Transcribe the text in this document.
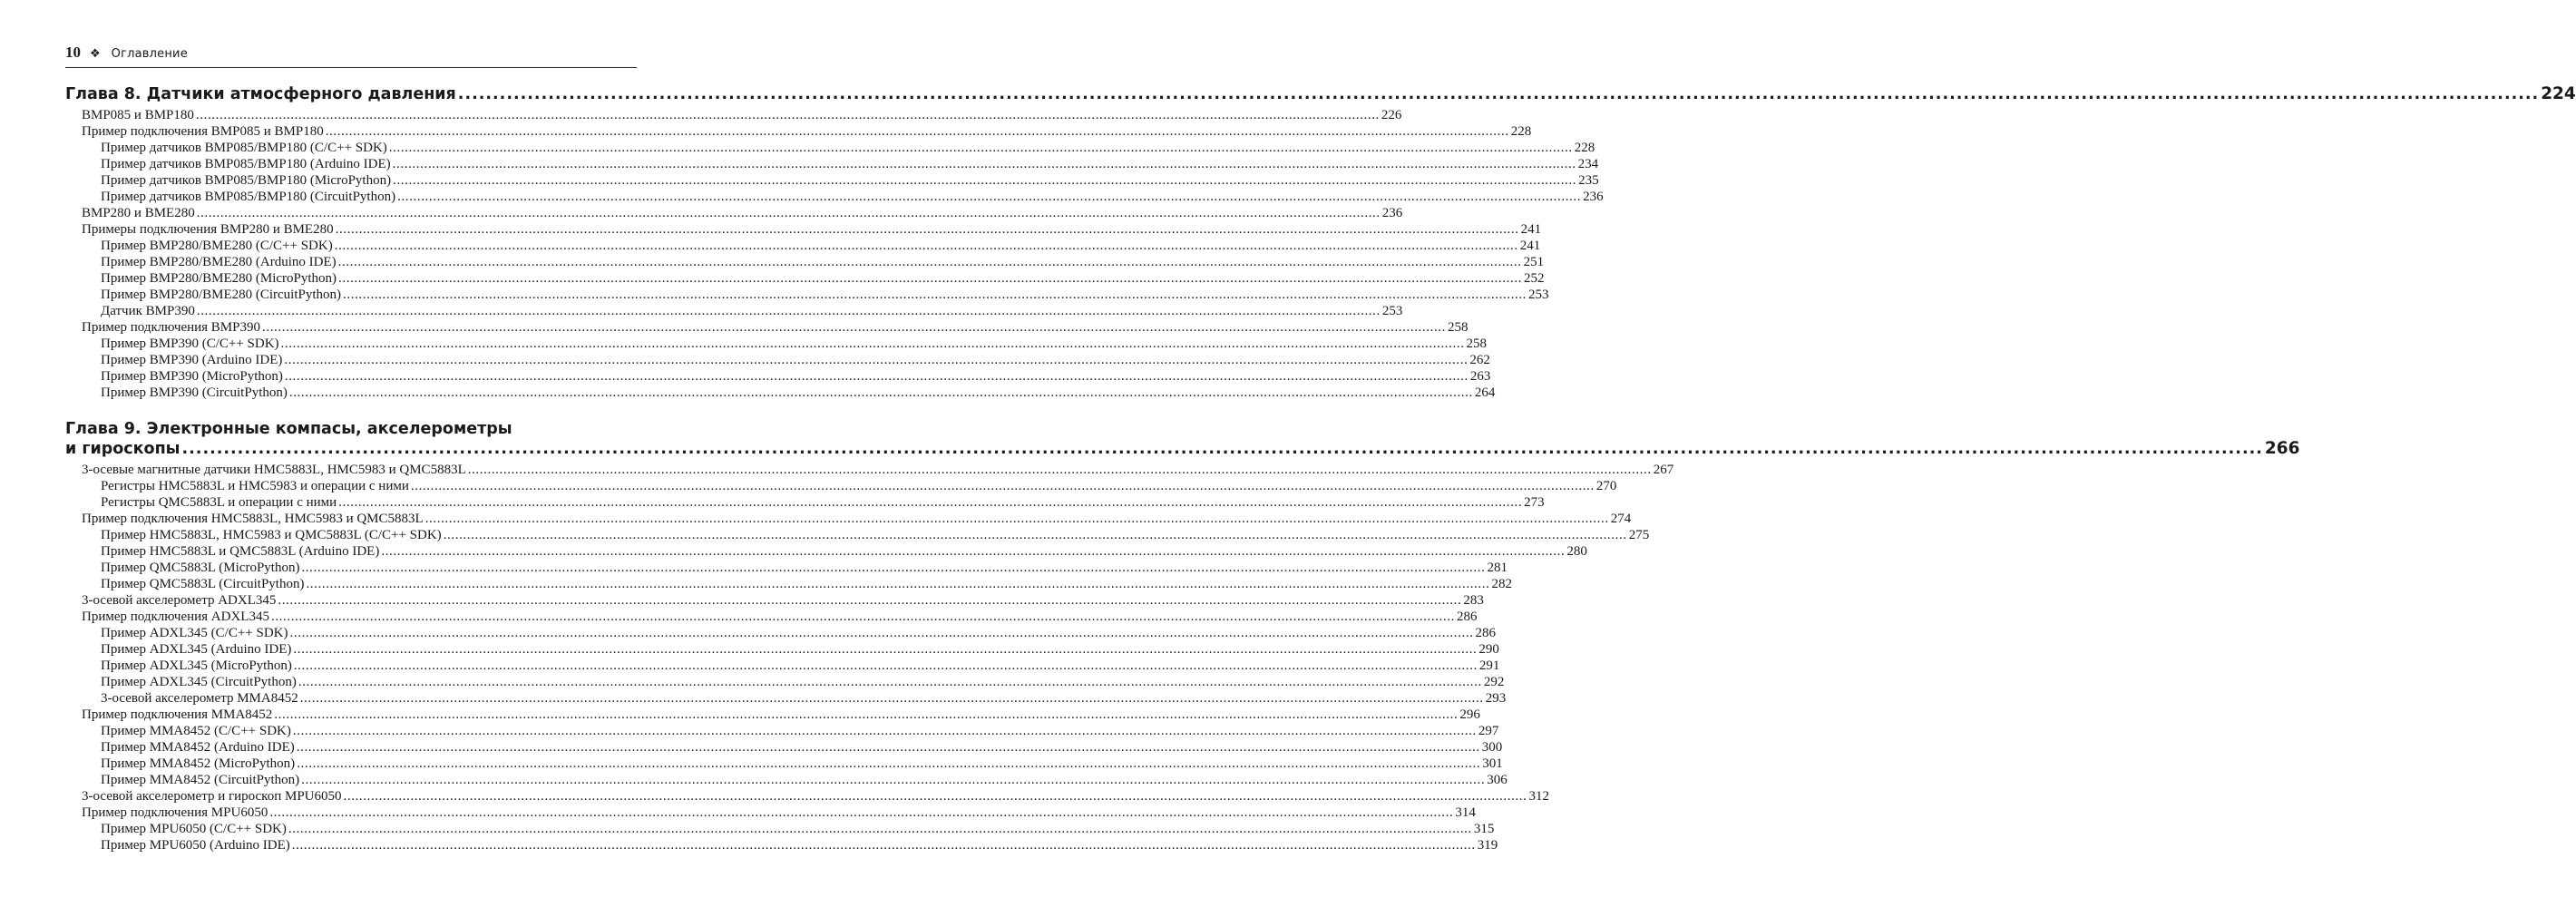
10 ❖ Оглавление
Глава 8. Датчики атмосферного давления ............................................................................................................................................................................................................................................................................................................ 224
BMP085 и BMP180 ............................................................................................................................................................................................................................................................................................................ 226
Пример подключения BMP085 и BMP180 ............................................................................................................................................................................................................................................................................................................ 228
Пример датчиков BMP085/BMP180 (C/C++ SDK) ............................................................................................................................................................................................................................................................................................................ 228
Пример датчиков BMP085/BMP180 (Arduino IDE) ............................................................................................................................................................................................................................................................................................................ 234
Пример датчиков BMP085/BMP180 (MicroPython) ............................................................................................................................................................................................................................................................................................................ 235
Пример датчиков BMP085/BMP180 (CircuitPython) ............................................................................................................................................................................................................................................................................................................ 236
BMP280 и BME280 ............................................................................................................................................................................................................................................................................................................ 236
Примеры подключения BMP280 и BME280 ............................................................................................................................................................................................................................................................................................................ 241
Пример BMP280/BME280 (C/C++ SDK) ............................................................................................................................................................................................................................................................................................................ 241
Пример BMP280/BME280 (Arduino IDE) ............................................................................................................................................................................................................................................................................................................ 251
Пример BMP280/BME280 (MicroPython) ............................................................................................................................................................................................................................................................................................................ 252
Пример BMP280/BME280 (CircuitPython) ............................................................................................................................................................................................................................................................................................................ 253
Датчик BMP390 ............................................................................................................................................................................................................................................................................................................ 253
Пример подключения BMP390 ............................................................................................................................................................................................................................................................................................................ 258
Пример BMP390 (C/C++ SDK) ............................................................................................................................................................................................................................................................................................................ 258
Пример BMP390 (Arduino IDE) ............................................................................................................................................................................................................................................................................................................ 262
Пример BMP390 (MicroPython) ............................................................................................................................................................................................................................................................................................................ 263
Пример BMP390 (CircuitPython) ............................................................................................................................................................................................................................................................................................................ 264
Глава 9. Электронные компасы, акселерометры
и гироскопы ............................................................................................................................................................................................................................................................................................................ 266
3-осевые магнитные датчики HMC5883L, HMC5983 и QMC5883L ............................................................................................................................................................................................................................................................................................................ 267
Регистры HMC5883L и HMC5983 и операции с ними ............................................................................................................................................................................................................................................................................................................ 270
Регистры QMC5883L и операции с ними ............................................................................................................................................................................................................................................................................................................ 273
Пример подключения HMC5883L, HMC5983 и QMC5883L ............................................................................................................................................................................................................................................................................................................ 274
Пример HMC5883L, HMC5983 и QMC5883L (C/C++ SDK) ............................................................................................................................................................................................................................................................................................................ 275
Пример HMC5883L и QMC5883L (Arduino IDE) ............................................................................................................................................................................................................................................................................................................ 280
Пример QMC5883L (MicroPython) ............................................................................................................................................................................................................................................................................................................ 281
Пример QMC5883L (CircuitPython) ............................................................................................................................................................................................................................................................................................................ 282
3-осевой акселерометр ADXL345 ............................................................................................................................................................................................................................................................................................................ 283
Пример подключения ADXL345 ............................................................................................................................................................................................................................................................................................................ 286
Пример ADXL345 (C/C++ SDK) ............................................................................................................................................................................................................................................................................................................ 286
Пример ADXL345 (Arduino IDE) ............................................................................................................................................................................................................................................................................................................ 290
Пример ADXL345 (MicroPython) ............................................................................................................................................................................................................................................................................................................ 291
Пример ADXL345 (CircuitPython) ............................................................................................................................................................................................................................................................................................................ 292
3-осевой акселерометр MMA8452 ............................................................................................................................................................................................................................................................................................................ 293
Пример подключения MMA8452 ............................................................................................................................................................................................................................................................................................................ 296
Пример MMA8452 (C/C++ SDK) ............................................................................................................................................................................................................................................................................................................ 297
Пример MMA8452 (Arduino IDE) ............................................................................................................................................................................................................................................................................................................ 300
Пример MMA8452 (MicroPython) ............................................................................................................................................................................................................................................................................................................ 301
Пример MMA8452 (CircuitPython) ............................................................................................................................................................................................................................................................................................................ 306
3-осевой акселерометр и гироскоп MPU6050 ............................................................................................................................................................................................................................................................................................................ 312
Пример подключения MPU6050 ............................................................................................................................................................................................................................................................................................................ 314
Пример MPU6050 (C/C++ SDK) ............................................................................................................................................................................................................................................................................................................ 315
Пример MPU6050 (Arduino IDE) ............................................................................................................................................................................................................................................................................................................ 319
